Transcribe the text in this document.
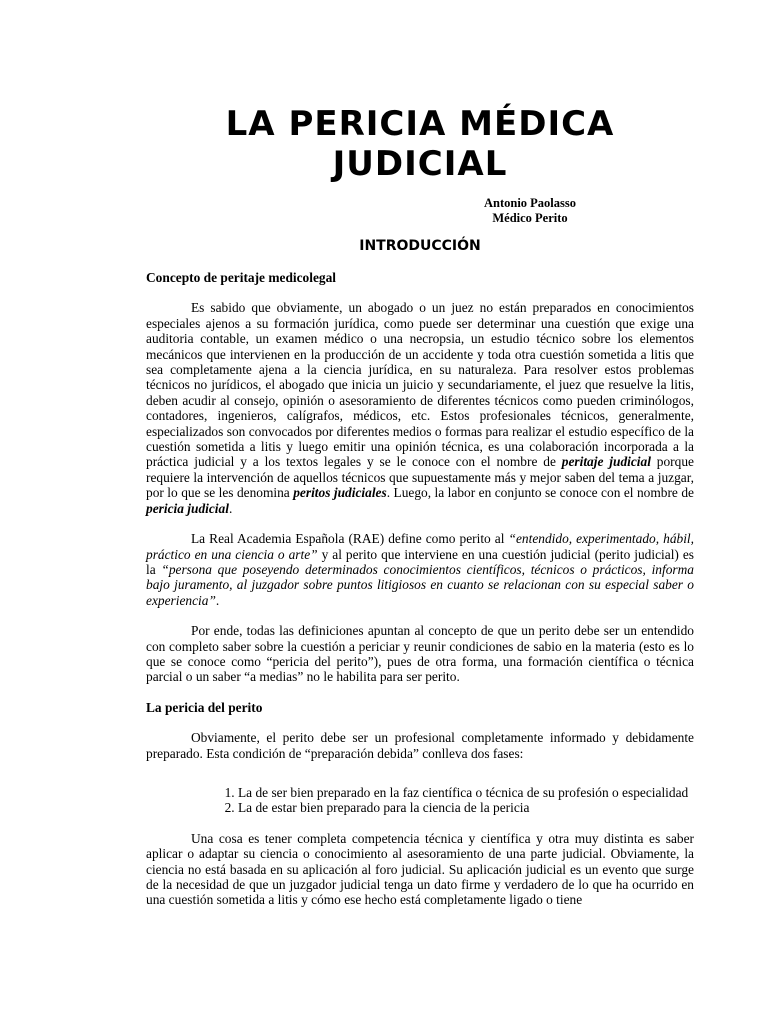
LA PERICIA MÉDICA
JUDICIAL
Antonio Paolasso
Médico Perito
INTRODUCCIÓN
Concepto de peritaje medicolegal

Es sabido que obviamente, un abogado o un juez no están preparados en conocimientos especiales ajenos a su formación jurídica, como puede ser determinar una cuestión que exige una auditoria contable, un examen médico o una necropsia, un estudio técnico sobre los elementos mecánicos que intervienen en la producción de un accidente y toda otra cuestión sometida a litis que sea completamente ajena a la ciencia jurídica, en su naturaleza. Para resolver estos problemas técnicos no jurídicos, el abogado que inicia un juicio y secundariamente, el juez que resuelve la litis, deben acudir al consejo, opinión o asesoramiento de diferentes técnicos como pueden criminólogos, contadores, ingenieros, calígrafos, médicos, etc. Estos profesionales técnicos, generalmente, especializados son convocados por diferentes medios o formas para realizar el estudio específico de la cuestión sometida a litis y luego emitir una opinión técnica, es una colaboración incorporada a la práctica judicial y a los textos legales y se le conoce con el nombre de peritaje judicial porque requiere la intervención de aquellos técnicos que supuestamente más y mejor saben del tema a juzgar, por lo que se les denomina peritos judiciales. Luego, la labor en conjunto se conoce con el nombre de pericia judicial.

La Real Academia Española (RAE) define como perito al “entendido, experimentado, hábil, práctico en una ciencia o arte” y al perito que interviene en una cuestión judicial (perito judicial) es la “persona que poseyendo determinados conocimientos científicos, técnicos o prácticos, informa bajo juramento, al juzgador sobre puntos litigiosos en cuanto se relacionan con su especial saber o experiencia”.

Por ende, todas las definiciones apuntan al concepto de que un perito debe ser un entendido con completo saber sobre la cuestión a periciar y reunir condiciones de sabio en la materia (esto es lo que se conoce como “pericia del perito”), pues de otra forma, una formación científica o técnica parcial o un saber “a medias” no le habilita para ser perito.

La pericia del perito

Obviamente, el perito debe ser un profesional completamente informado y debidamente preparado. Esta condición de “preparación debida” conlleva dos fases:

1. La de ser bien preparado en la faz científica o técnica de su profesión o especialidad
2. La de estar bien preparado para la ciencia de la pericia

Una cosa es tener completa competencia técnica y científica y otra muy distinta es saber aplicar o adaptar su ciencia o conocimiento al asesoramiento de una parte judicial. Obviamente, la ciencia no está basada en su aplicación al foro judicial. Su aplicación judicial es un evento que surge de la necesidad de que un juzgador judicial tenga un dato firme y verdadero de lo que ha ocurrido en una cuestión sometida a litis y cómo ese hecho está completamente ligado o tiene
